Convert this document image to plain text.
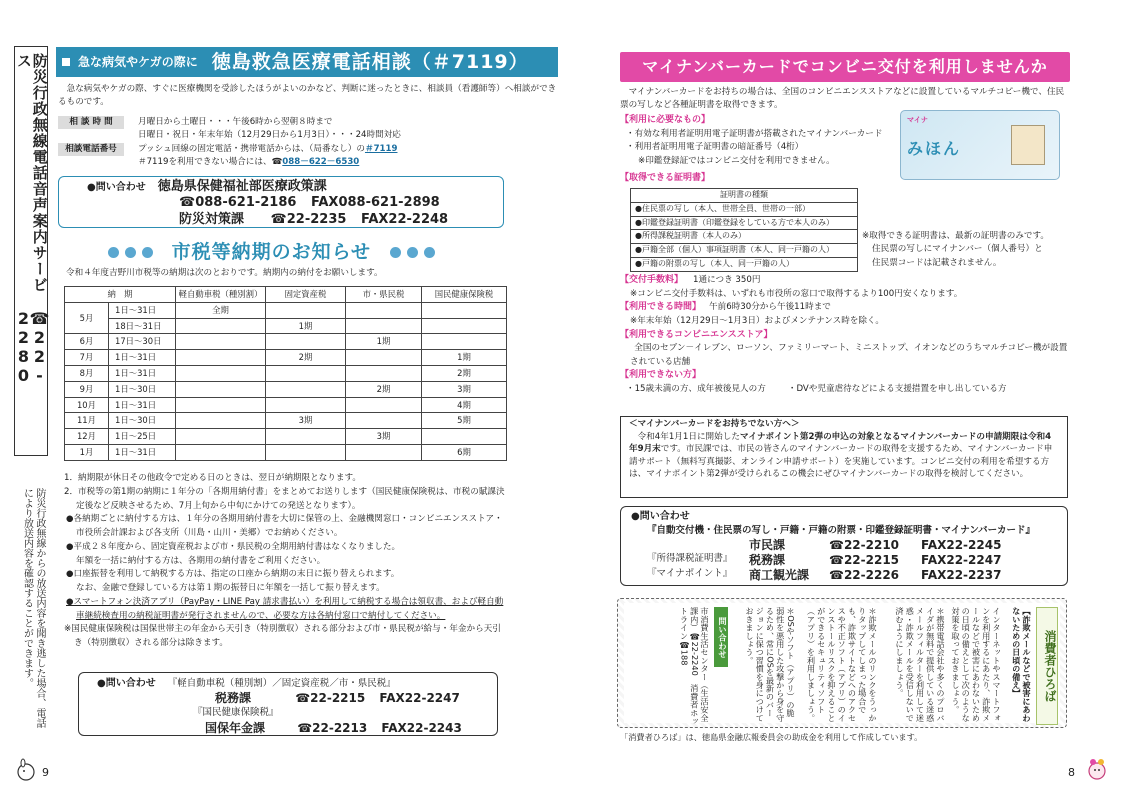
防災行政無線電話音声案内サービス
☎22-2280
防災行政無線からの放送内容を聞き逃した場合、電話により放送内容を確認することができます。
急な病気やケガの際に 徳島救急医療電話相談（＃7119）
急な病気やケガの際、すぐに医療機関を受診したほうがよいのかなど、判断に迷ったときに、相談員（看護師等）へ相談ができるものです。
相 談 時 間	月曜日から土曜日・・・午後6時から翌朝８時まで
日曜日・祝日・年末年始（12月29日から1月3日）・・・24時間対応
相談電話番号	プッシュ回線の固定電話・携帯電話からは、（局番なし）の＃7119
＃7119を利用できない場合には、☎088－622－6530
●問い合わせ 徳島県保健福祉部医療政策課
☎088-621-2186 FAX088-621-2898
防災対策課 ☎22-2235 FAX22-2248
市税等納期のお知らせ
令和４年度吉野川市税等の納期は次のとおりです。納期内の納付をお願いします。
納　期		軽自動車税（種別割）	固定資産税	市・県民税	国民健康保険税
5月	1日～31日	全期			
	18日～31日		1期		
6月	17日～30日			1期	
7月	1日～31日		2期		1期
8月	1日～31日				2期
9月	1日～30日			2期	3期
10月	1日～31日				4期
11月	1日～30日		3期		5期
12月	1日～25日			3期	
1月	1日～31日				6期
1．納期限が休日その他政令で定める日のときは、翌日が納期限となります。
2．市税等の第1期の納期に１年分の「各期用納付書」をまとめてお送りします（国民健康保険税は、市税の賦課決定後など反映させるため、7月上旬から中旬にかけての発送となります）。
●各納期ごとに納付する方は、１年分の各期用納付書を大切に保管の上、金融機関窓口・コンビニエンスストア・市役所会計課および各支所（川島・山川・美郷）でお納めください。
●平成２８年度から、固定資産税および市・県民税の全期用納付書はなくなりました。
年額を一括に納付する方は、各期用の納付書をご利用ください。
●口座振替を利用して納税する方は、指定の口座から納期の末日に振り替えられます。
なお、金融で登録している方は第１期の振替日に年額を一括して振り替えます。
●スマートフォン決済アプリ（PayPay・LINE Pay 請求書払い）を利用して納税する場合は領収書、および軽自動車継続検査用の納税証明書が発行されませんので、必要な方は各納付窓口で納付してください。
※国民健康保険税は国保世帯主の年金から天引き（特別徴収）される部分および市・県民税が給与・年金から天引き（特別徴収）される部分は除きます。
●問い合わせ 『軽自動車税（種別割）／固定資産税／市・県民税』
税務課	☎22-2215 FAX22-2247
『国民健康保険税』
国保年金課	☎22-2213 FAX22-2243
9
マイナンバーカードでコンビニ交付を利用しませんか
マイナンバーカードをお持ちの場合は、全国のコンビニエンスストアなどに設置しているマルチコピー機で、住民票の写しなど各種証明書を取得できます。
【利用に必要なもの】
・有効な利用者証明用電子証明書が搭載されたマイナンバーカード
・利用者証明用電子証明書の暗証番号（4桁）
※印鑑登録証ではコンビニ交付を利用できません。
マイナ
みほん
【取得できる証明書】
証明書の種類
●住民票の写し（本人、世帯全員、世帯の一部）
●印鑑登録証明書（印鑑登録をしている方で本人のみ）
●所得課税証明書（本人のみ）
●戸籍全部（個人）事項証明書（本人、同一戸籍の人）
●戸籍の附票の写し（本人、同一戸籍の人）
※取得できる証明書は、最新の証明書のみです。
住民票の写しにマイナンバー（個人番号）と
住民票コードは記載されません。
【交付手数料】 1通につき 350円
※コンビニ交付手数料は、いずれも市役所の窓口で取得するより100円安くなります。
【利用できる時間】 午前6時30分から午後11時まで
※年末年始（12月29日～1月3日）およびメンテナンス時を除く。
【利用できるコンビニエンスストア】
全国のセブン－イレブン、ローソン、ファミリーマート、ミニストップ、イオンなどのうちマルチコピー機が設置されている店舗
【利用できない方】
・15歳未満の方、成年被後見人の方	・DVや児童虐待などによる支援措置を申し出している方
＜マイナンバーカードをお持ちでない方へ＞
令和4年1月1日に開始したマイナポイント第2弾の申込の対象となるマイナンバーカードの申請期限は令和4年9月末です。市民課では、市民の皆さんのマイナンバーカードの取得を支援するため、マイナンバーカード申請サポート（無料写真撮影、オンライン申請サポート）を実施しています。コンビニ交付の利用を希望する方は、マイナポイント第2弾が受けられるこの機会にぜひマイナンバーカードの取得を検討してください。
●問い合わせ
『自動交付機・住民票の写し・戸籍・戸籍の附票・印鑑登録証明書・マイナンバーカード』
市民課	☎22-2210	FAX22-2245
『所得課税証明書』	税務課	☎22-2215	FAX22-2247
『マイナポイント』	商工観光課	☎22-2226	FAX22-2237
消費者ひろば
【詐欺メールなどで被害にあわないための日頃の備え】
インターネットやスマートフォンを利用するにあたり、詐欺メールなどで被害にあわないための日頃の備えとして次のような対策を取っておきましょう。
＊携帯電話会社や多くのプロバイダが無料で提供している迷惑メールフィルターを利用して迷惑・詐欺メールを受信しないで済むようにしましょう。
＊詐欺メールのリンクをうっかりタップしてしまった場合でも、詐欺サイトなどへのアクセスや不正ソフト（アプリ）のインストールリスクを抑えることができるセキュリティソフト（アプリ）を利用しましょう。
＊OSやソフト（アプリ）の脆弱性を悪用した攻撃から身を守るため、常にOSを最新のバージョンに保つ習慣を身につけておきましょう。
問い合わせ
市消費生活センター（生活安全課内）☎22-2240　消費者ホットライン☎188
「消費者ひろば」は、徳島県金融広報委員会の助成金を利用して作成しています。
8
